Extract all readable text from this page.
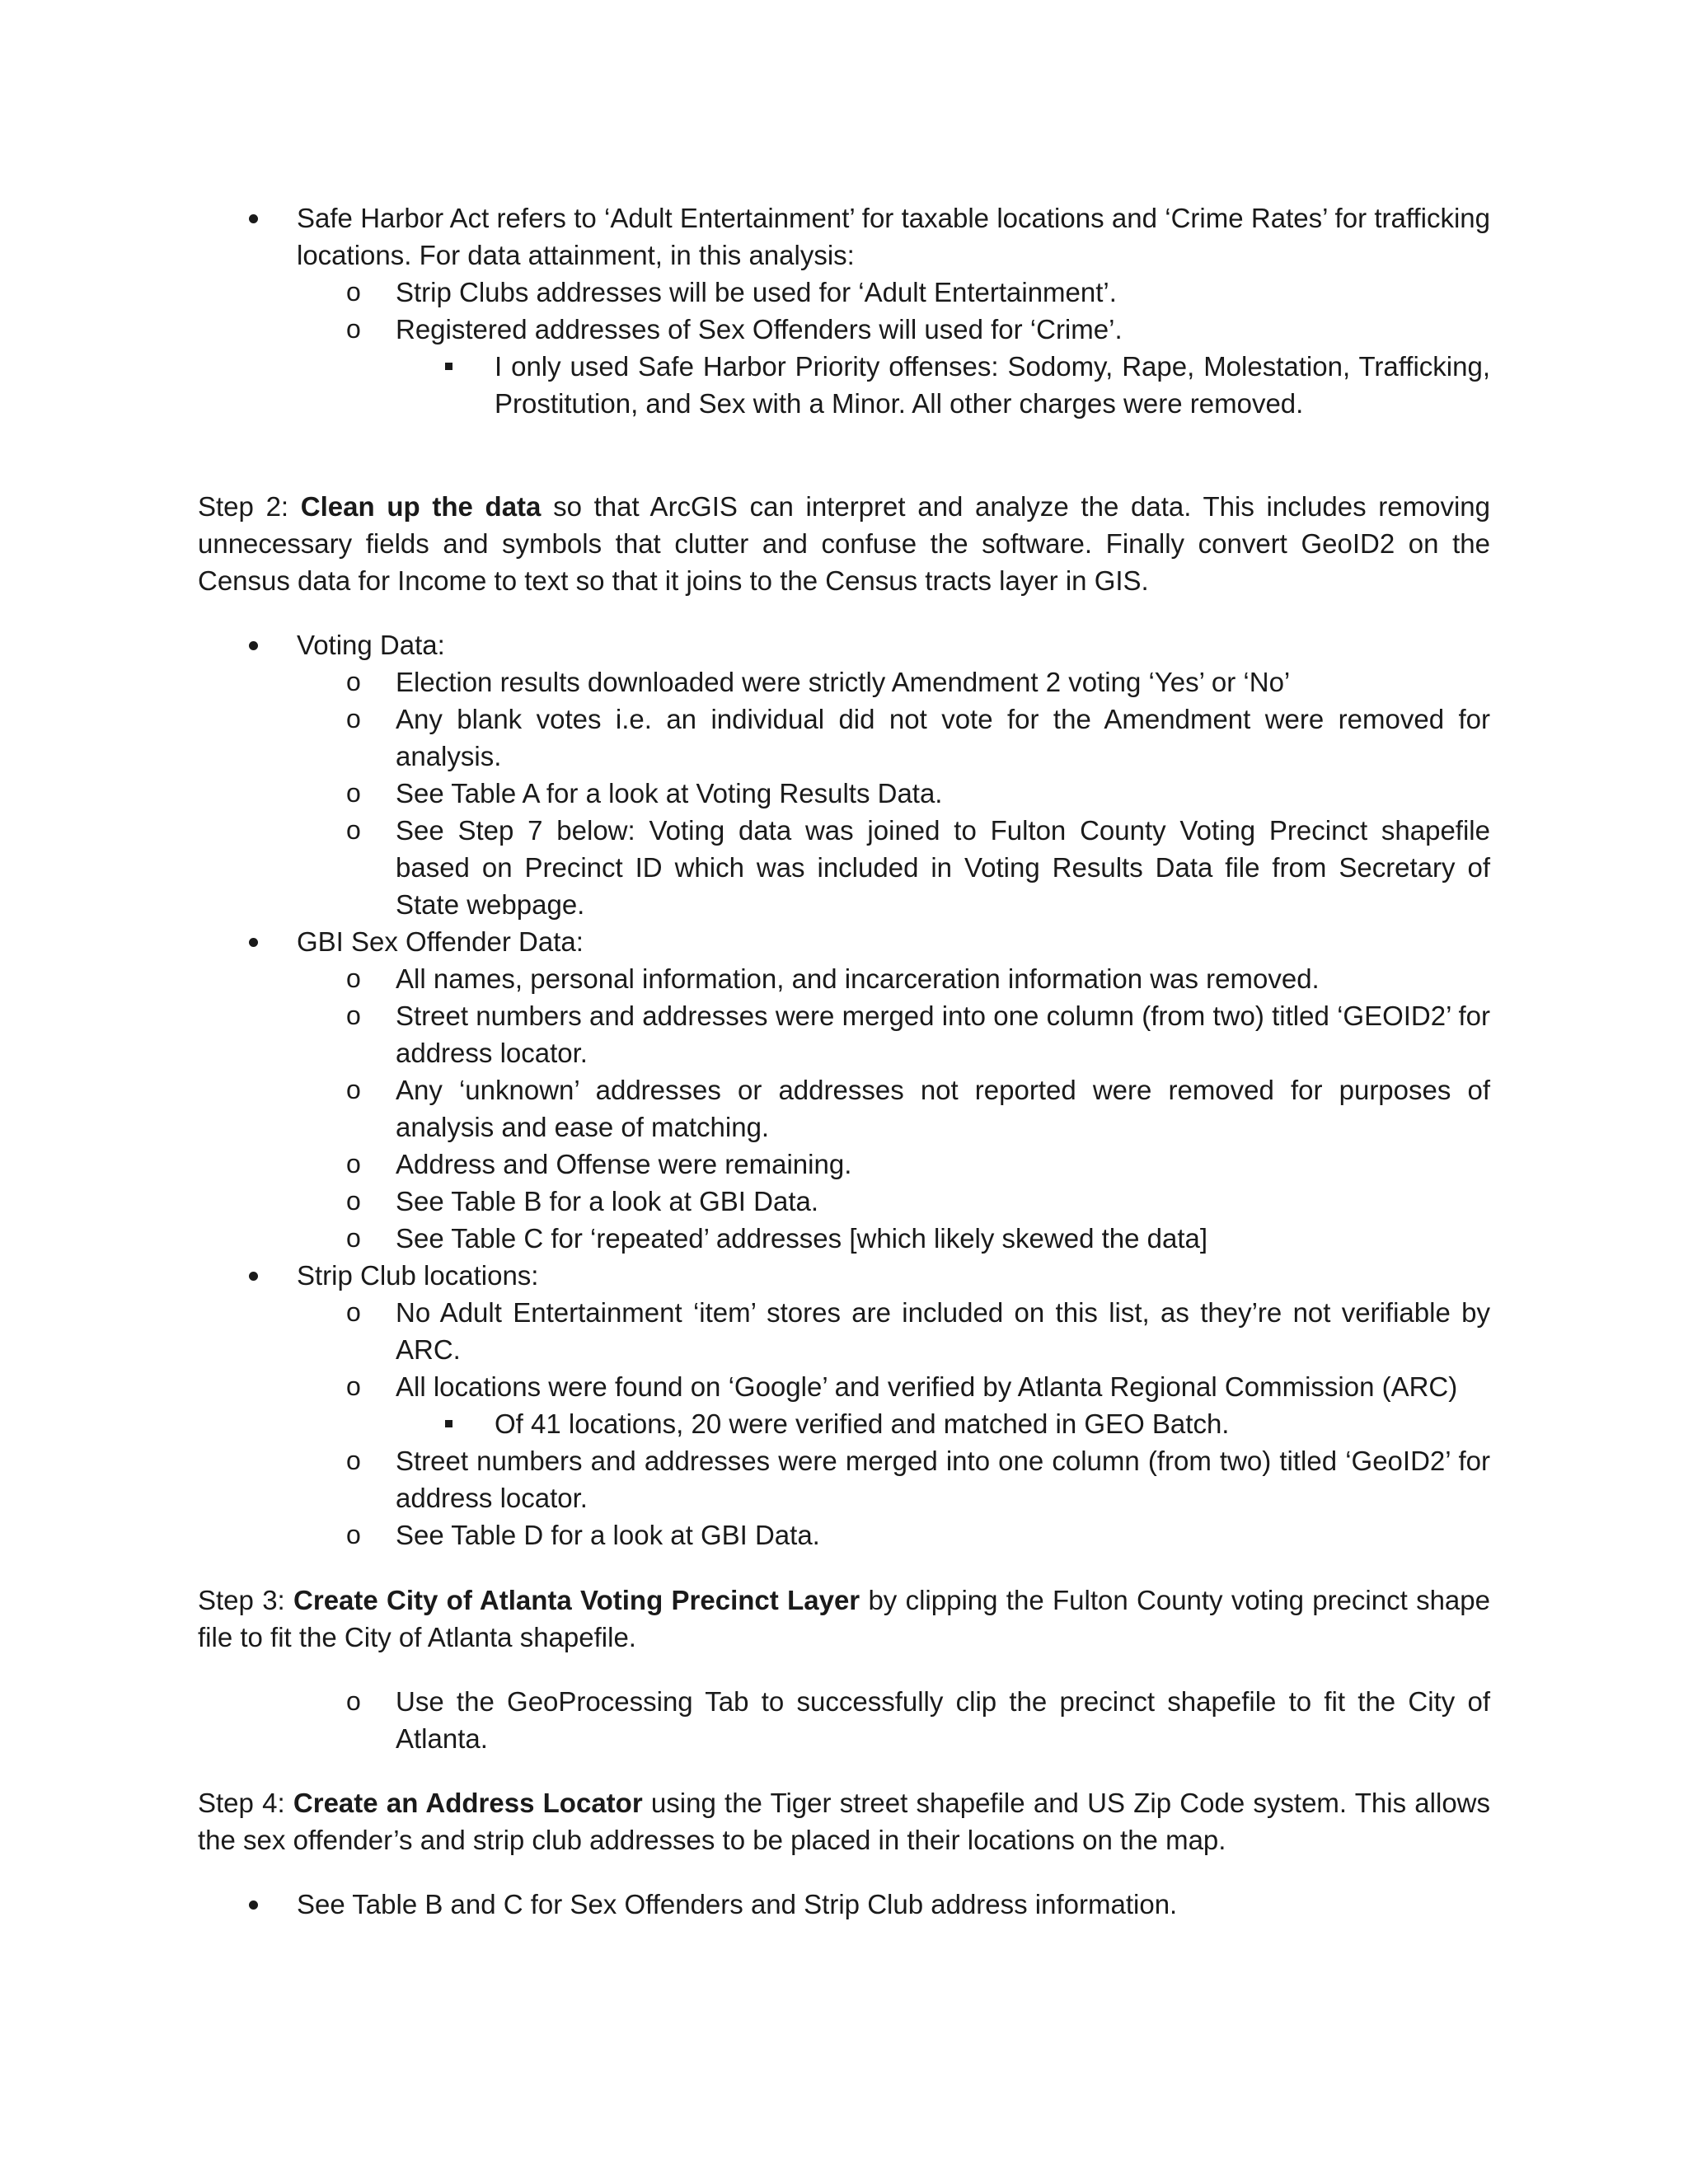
Safe Harbor Act refers to ‘Adult Entertainment’ for taxable locations and ‘Crime Rates’ for trafficking locations. For data attainment, in this analysis:
o Strip Clubs addresses will be used for ‘Adult Entertainment’.
o Registered addresses of Sex Offenders will used for ‘Crime’.
I only used Safe Harbor Priority offenses: Sodomy, Rape, Molestation, Trafficking, Prostitution, and Sex with a Minor. All other charges were removed.

Step 2: Clean up the data so that ArcGIS can interpret and analyze the data. This includes removing unnecessary fields and symbols that clutter and confuse the software. Finally convert GeoID2 on the Census data for Income to text so that it joins to the Census tracts layer in GIS.

Voting Data:
o Election results downloaded were strictly Amendment 2 voting ‘Yes’ or ‘No’
o Any blank votes i.e. an individual did not vote for the Amendment were removed for analysis.
o See Table A for a look at Voting Results Data.
o See Step 7 below: Voting data was joined to Fulton County Voting Precinct shapefile based on Precinct ID which was included in Voting Results Data file from Secretary of State webpage.
GBI Sex Offender Data:
o All names, personal information, and incarceration information was removed.
o Street numbers and addresses were merged into one column (from two) titled ‘GEOID2’ for address locator.
o Any ‘unknown’ addresses or addresses not reported were removed for purposes of analysis and ease of matching.
o Address and Offense were remaining.
o See Table B for a look at GBI Data.
o See Table C for ‘repeated’ addresses [which likely skewed the data]
Strip Club locations:
o No Adult Entertainment ‘item’ stores are included on this list, as they’re not verifiable by ARC.
o All locations were found on ‘Google’ and verified by Atlanta Regional Commission (ARC)
Of 41 locations, 20 were verified and matched in GEO Batch.
o Street numbers and addresses were merged into one column (from two) titled ‘GeoID2’ for address locator.
o See Table D for a look at GBI Data.

Step 3: Create City of Atlanta Voting Precinct Layer by clipping the Fulton County voting precinct shape file to fit the City of Atlanta shapefile.

o Use the GeoProcessing Tab to successfully clip the precinct shapefile to fit the City of Atlanta.

Step 4: Create an Address Locator using the Tiger street shapefile and US Zip Code system. This allows the sex offender’s and strip club addresses to be placed in their locations on the map.

See Table B and C for Sex Offenders and Strip Club address information.
